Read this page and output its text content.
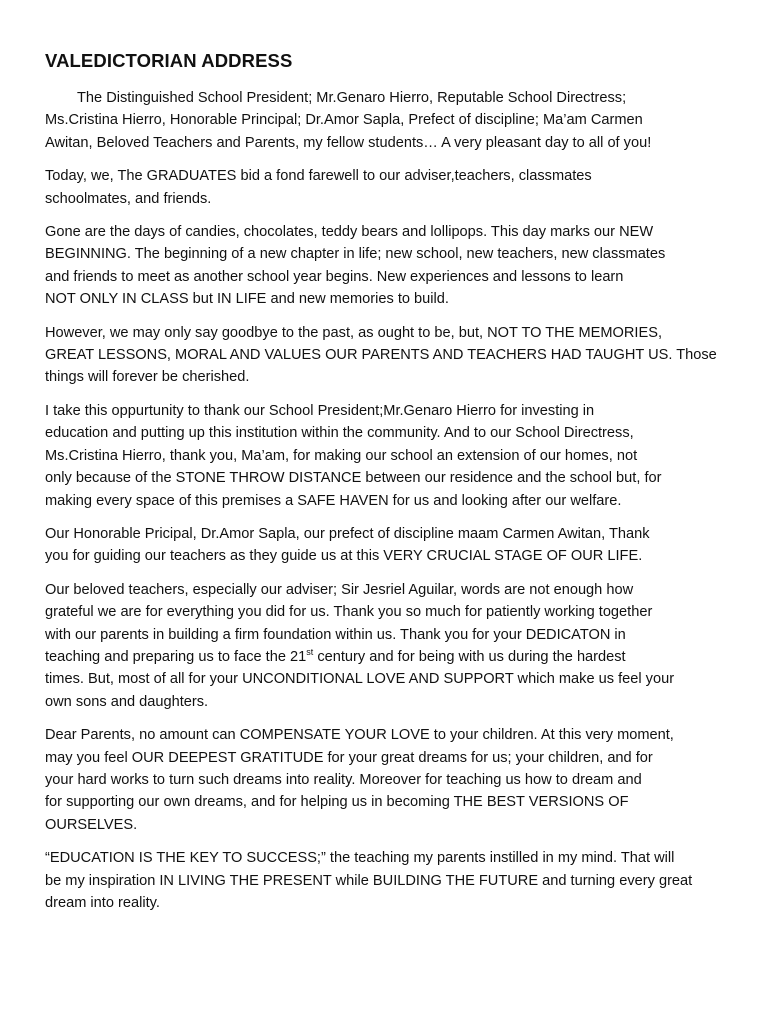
VALEDICTORIAN ADDRESS

The Distinguished School President; Mr.Genaro Hierro, Reputable School Directress;
Ms.Cristina Hierro, Honorable Principal; Dr.Amor Sapla, Prefect of discipline; Ma’am Carmen
Awitan, Beloved Teachers and Parents, my fellow students… A very pleasant day to all of you!

Today, we, The GRADUATES bid a fond farewell to our adviser,teachers, classmates
schoolmates, and friends.

Gone are the days of candies, chocolates, teddy bears and lollipops. This day marks our NEW
BEGINNING. The beginning of a new chapter in life; new school, new teachers, new classmates
and friends to meet as another school year begins. New experiences and lessons to learn
NOT ONLY IN CLASS but IN LIFE and new memories to build.

However, we may only say goodbye to the past, as ought to be, but, NOT TO THE MEMORIES,
GREAT LESSONS, MORAL AND VALUES OUR PARENTS AND TEACHERS HAD TAUGHT US. Those
things will forever be cherished.

I take this oppurtunity to thank our School President;Mr.Genaro Hierro for investing in
education and putting up this institution within the community. And to our School Directress,
Ms.Cristina Hierro, thank you, Ma’am, for making our school an extension of our homes, not
only because of the STONE THROW DISTANCE between our residence and the school but, for
making every space of this premises a SAFE HAVEN for us and looking after our welfare.

Our Honorable Pricipal, Dr.Amor Sapla, our prefect of discipline maam Carmen Awitan, Thank
you for guiding our teachers as they guide us at this VERY CRUCIAL STAGE OF OUR LIFE.

Our beloved teachers, especially our adviser; Sir Jesriel Aguilar, words are not enough how
grateful we are for everything you did for us. Thank you so much for patiently working together
with our parents in building a firm foundation within us. Thank you for your DEDICATON in
teaching and preparing us to face the 21st century and for being with us during the hardest
times. But, most of all for your UNCONDITIONAL LOVE AND SUPPORT which make us feel your
own sons and daughters.

Dear Parents, no amount can COMPENSATE YOUR LOVE to your children. At this very moment,
may you feel OUR DEEPEST GRATITUDE for your great dreams for us; your children, and for
your hard works to turn such dreams into reality. Moreover for teaching us how to dream and
for supporting our own dreams, and for helping us in becoming THE BEST VERSIONS OF
OURSELVES.

“EDUCATION IS THE KEY TO SUCCESS;” the teaching my parents instilled in my mind. That will
be my inspiration IN LIVING THE PRESENT while BUILDING THE FUTURE and turning every great
dream into reality.
